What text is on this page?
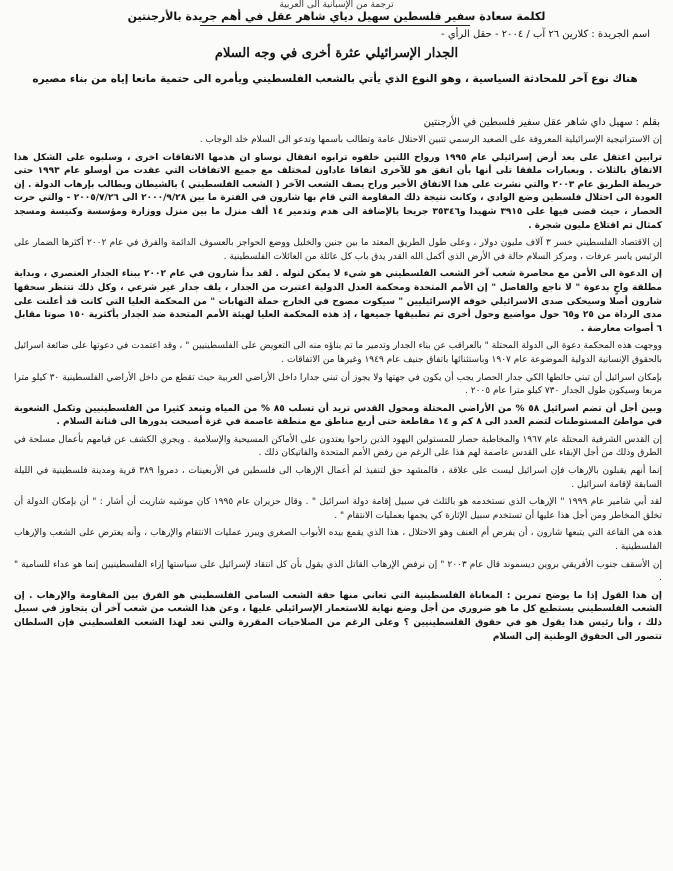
ترجمة من الإسبانية الى العربية
لكلمة سعادة سفير فلسطين سهيل دياي شاهر عقل في أهم جريدة بالأرجنتين
اسم الجريدة : كلارين ٢٦ آب / ٢٠٠٤ - حقل الرأي -
الجدار الإسرائيلي عثرة أخرى في وجه السلام
هناك نوع آخر للمحادثة السياسية ، وهو النوع الذي يأتي بالشعب الفلسطيني ويأمره الى حتمية مانعا إياه من بناء مصيره
بقلم : سهيل داي شاهر عقل سفير فلسطين في الأرجنتين

إن الاستراتيجية الإسرائيلية المعروفة على الصعيد الرسمي تتبين الاحتلال عامة وتطالب بأسمها وتدعو الى السلام خلد الوجاب .

ترابين اعتقل على بعد أرض إسرائيلي عام ١٩٩٥ ورواح اللتين خلفوه ترابوه انفقال نوساو ان هذمها الاتفاقات اخرى ، وسلبوه على الشكل هذا الاتفاق بالثلاث . وبعبارات ملفقا تلى أنها بأن اتفق هو للآخرى اتفاقا عاداون لمختلف مع جميع الاتفاقات التي عقدت من أوسلو عام ١٩٩٣ حتى خريطة الطريق عام ٢٠٠٣ والتي نشرت على هذا الاتفاق الأخير وراح يصف الشعب الآخر ( الشعب الفلسطيني ) بالشيطان ويطالب بإرهاب الدولة . إن العودة الى احتلال فلسطين وضع الوادي ، وكانت نتيجة ذلك المقاومة التي قام بها شارون في الفترة ما بين ٢٠٠٠/٩/٢٨ الى ٢٠٠٥/٧/٢٦ - والتي حرت الحصار ، حيث قضى فيها على ٣٩١٥ شهيدا و٣٥٣٤٦ جريحا بالإضافة الى هدم وتدمير ١٤ ألف منزل ما بين منزل ووزارة ومؤسسة وكنيسة ومسجد كمثال تم اقتلاع مليون شجرة .

إن الاقتصاد الفلسطيني خسر ٣ آلاف مليون دولار ، وعلى طول الطريق المعتد ما بين جنين والخليل ووضع الحواجز بالعسوف الدائمة والفرق في عام ٢٠٠٢ أكثرها الضمار على الرئيس ياسر عرفات ، ومركز السلام حالة في الأرض الذي أكمل الله القدر يدق باب كل عائلة من العائلات الفلسطينية .

إن الدعوة الى الأمن مع محاصرة شعب آخر الشعب الفلسطيني هو شيء لا يمكن لنوله . لقد بدأ شارون في عام ٢٠٠٢ ببناء الجدار العنصري ، وبداية مطلقة واحٍ بدعوة " لا ناجع والفاصل " إن الأمم المتحدة ومحكمة العدل الدولية اعتبرت من الجدار ، يلف جدار غير شرعي ، وكل ذلك تنتظر سحقها شارون أصلا وسيحكى صدى الاسرائيلي خوفه الإسرائيليين " سيكوت مصوح في الخارج حملة التهابات " من المحكمة العليا التي كانت قد أعلنت على مدى الرداة من ٢٥ و٦٥ حول مواضيع وحول أخرى تم تطبيقها جميعها ، إذ هذه المحكمة العليا لهيئة الأمم المتحدة ضد الجدار بأكثرية ١٥٠ صوتا مقابل ٦ أصوات معارضة .

ووجهت هذه المحكمة دعوة الى الدولة المحتلة " بالعراقب عن بناء الجدار وتدمير ما تم بناؤه منه الى التعويض على الفلسطينيين " ، وقد اعتمدت في دعوتها على ضائعة اسرائيل بالحقوق الإنسانية الدولية الموضوعة عام ١٩٠٧ وباستثنائها باتفاق جنيف عام ١٩٤٩ وغيرها من الاتفاقات .

بإمكان اسرائيل أن تبني حائطها الكي جدار الحصار يجب أن يكون في جهتها ولا يجوز أن تبني جدارا داخل الأراضي العربية حيث تقطع من داخل الأراضي الفلسطينية ٣٠ كيلو مترا مربعا وسيكون طول الجدار ٧٣٠ كيلو مترا عام ٢٠٠٥ .

وبين أجل أن تضم اسرائيل ٥٨ % من الأراضي المحتلة ومحول القدس تريد أن تسلب ٨٥ % من المياه وتبعد كثيرا من الفلسطينيين وتكمل الشعوبة في مواطئ المستوطنات لتضم العدد الى ٨ كم و ١٤ مقاطعة حتى أربع مناطق مع منطقة عاصمة في غزة أصبحت بدورها الى قنانة السلام .

إن القدس الشرقية المحتلة عام ١٩٦٧ والمخاطبة حصار للمستولين اليهود الذين راحوا يعتدون على الأماكن المسيحية والإسلامية . ويجري الكشف عن قيامهم بأعمال مسلحة في الطرق وذلك من أجل الإبقاء على القدس عاصمة لهم هذا على الرغم من رفض الأمم المتحدة والفاتيكان ذلك .

إنما أنهم يقبلون بالإرهاب فإن اسرائيل ليست على علاقة ، فالمشهد حق لتنفيذ لم أعمال الإرهاب الى فلسطين في الأربعينات ، دمروا ٣٨٩ قرية ومدينة فلسطينية في الليلة السابقة لإقامة اسرائيل .

لقد أبي شامير عام ١٩٩٩ " الإرهاب الذي نستخدمه هو بالثلث في سبيل إقامة دولة اسرائيل " . وقال حزيران عام ١٩٩٥ كان موشيه شاريت أن أشار : " أن بإمكان الدولة أن تخلق المخاطر ومن أجل هذا عليها أن تستخدم سبيل الإثارة كي يجمها بعمليات الانتقام " .

هذه هي القاعة التي يتبعها شارون ، أن يفرض أم العنف وهو الاحتلال ، هذا الذي يقمع بيده الأبواب الصغرى ويبرر عمليات الانتقام والإرهاب ، وأنه يعترض على الشعب والإرهاب الفلسطينية .

إن الأسقف جنوب الأفريقي بروين ديسموند قال عام ٢٠٠٣ " إن نرفض الإرهاب القاتل الذي يقول بأن كل انتقاد لإسرائيل على سياستها إزاء الفلسطينيين إنما هو عداء للسامية " .

إن هذا القول إذا ما يوضح تمرين : المعاناة الفلسطينية التي تعاني منها حقة الشعب السامي الفلسطيني هو الفرق بين المقاومة والإرهاب . إن الشعب الفلسطيني يستطيع كل ما هو ضروري من أجل وضع نهاية للاستعمار الإسرائيلي عليها ، وعن هذا الشعب من شعب آخر أن يتجاوز في سبيل ذلك ، وأنا رئيس هذا يقول هو في حقوق الفلسطينيين ؟ وعلى الرغم من الصلاحيات المقررة والتي تعد لهذا الشعب الفلسطيني فإن السلطان تتصور الى الحقوق الوطنية إلى السلام
